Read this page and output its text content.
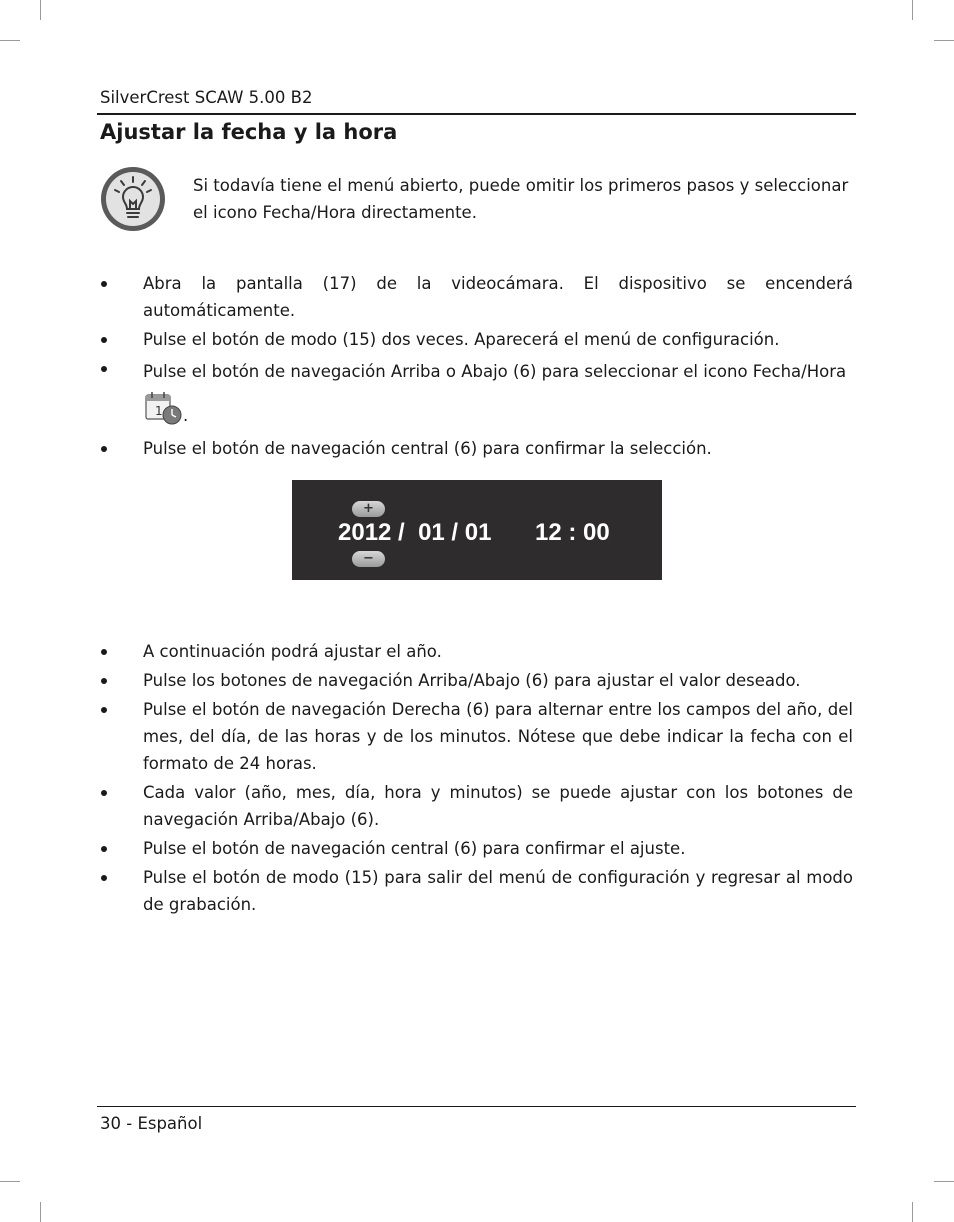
SilverCrest SCAW 5.00 B2
Ajustar la fecha y la hora

Si todavía tiene el menú abierto, puede omitir los primeros pasos y seleccionar el icono Fecha/Hora directamente.

Abra la pantalla (17) de la videocámara. El dispositivo se encenderá automáticamente.
Pulse el botón de modo (15) dos veces. Aparecerá el menú de configuración.
Pulse el botón de navegación Arriba o Abajo (6) para seleccionar el icono Fecha/Hora
1 .
Pulse el botón de navegación central (6) para confirmar la selección.
+
2012 /  01 / 01 12 : 00
−
A continuación podrá ajustar el año.
Pulse los botones de navegación Arriba/Abajo (6) para ajustar el valor deseado.
Pulse el botón de navegación Derecha (6) para alternar entre los campos del año, del mes, del día, de las horas y de los minutos. Nótese que debe indicar la fecha con el formato de 24 horas.
Cada valor (año, mes, día, hora y minutos) se puede ajustar con los botones de navegación Arriba/Abajo (6).
Pulse el botón de navegación central (6) para confirmar el ajuste.
Pulse el botón de modo (15) para salir del menú de configuración y regresar al modo de grabación.
30 - Español
